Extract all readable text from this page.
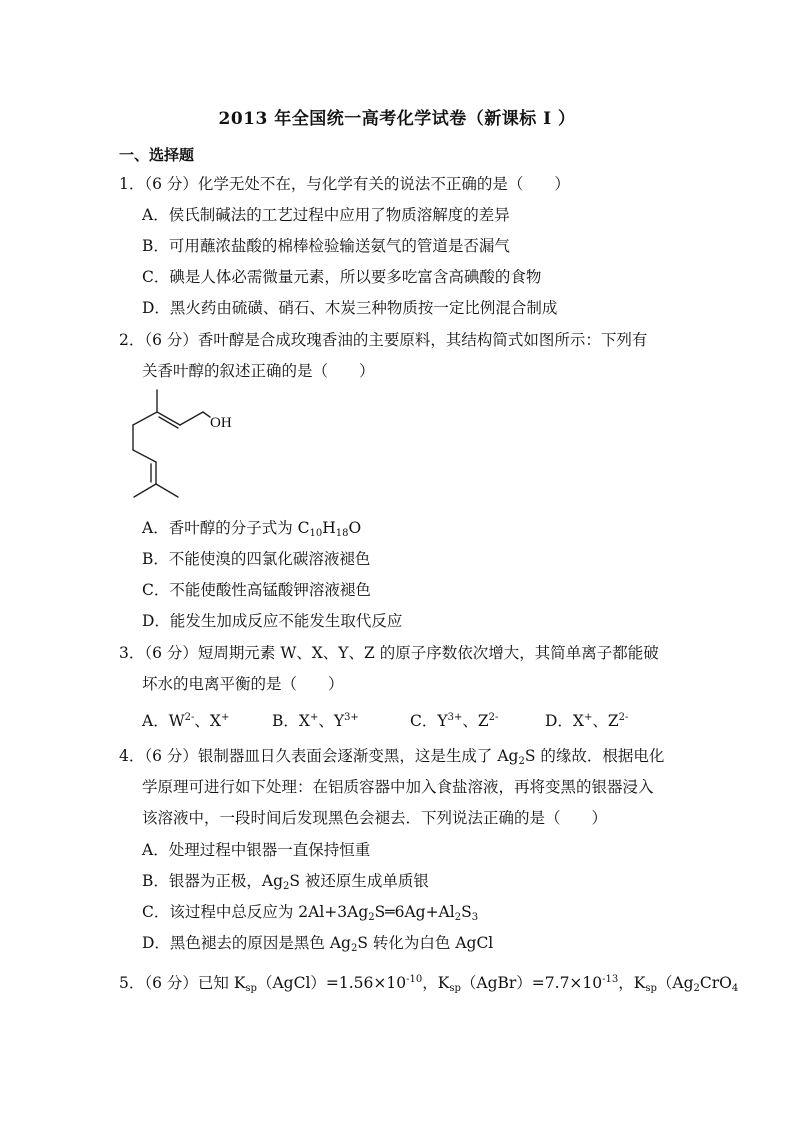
2013 年全国统一高考化学试卷（新课标 I ）
一、选择题
1．（6 分）化学无处不在，与化学有关的说法不正确的是（　　）
A．侯氏制碱法的工艺过程中应用了物质溶解度的差异
B．可用蘸浓盐酸的棉棒检验输送氨气的管道是否漏气
C．碘是人体必需微量元素，所以要多吃富含高碘酸的食物
D．黑火药由硫磺、硝石、木炭三种物质按一定比例混合制成
2．（6 分）香叶醇是合成玫瑰香油的主要原料，其结构简式如图所示：下列有
关香叶醇的叙述正确的是（　　）
OH
A．香叶醇的分子式为 $C_{10}H_{18}O$
B．不能使溴的四氯化碳溶液褪色
C．不能使酸性高锰酸钾溶液褪色
D．能发生加成反应不能发生取代反应
3．（6 分）短周期元素 W、X、Y、Z 的原子序数依次增大，其简单离子都能破
坏水的电离平衡的是（　　）
A．$W^{2-}$、X+	B．X+、$Y^{3+}$	C．$Y^{3+}$、$Z^{2-}$	D．X+、$Z^{2-}$
4．（6 分）银制器皿日久表面会逐渐变黑，这是生成了 $Ag_2S$ 的缘故．根据电化
学原理可进行如下处理：在铝质容器中加入食盐溶液，再将变黑的银器浸入
该溶液中，一段时间后发现黑色会褪去．下列说法正确的是（　　）
A．处理过程中银器一直保持恒重
B．银器为正极，$Ag_2S$ 被还原生成单质银
C．该过程中总反应为 $2Al+3Ag_2S═6Ag+Al_2S_3$
D．黑色褪去的原因是黑色 $Ag_2S$ 转化为白色 AgCl
5．（6 分）已知 $K_{sp}(AgCl)=1.56\times 10^{-10}$，$K_{sp}(AgBr)=7.7\times 10^{-13}$，$K_{sp}(Ag_2CrO_4$
